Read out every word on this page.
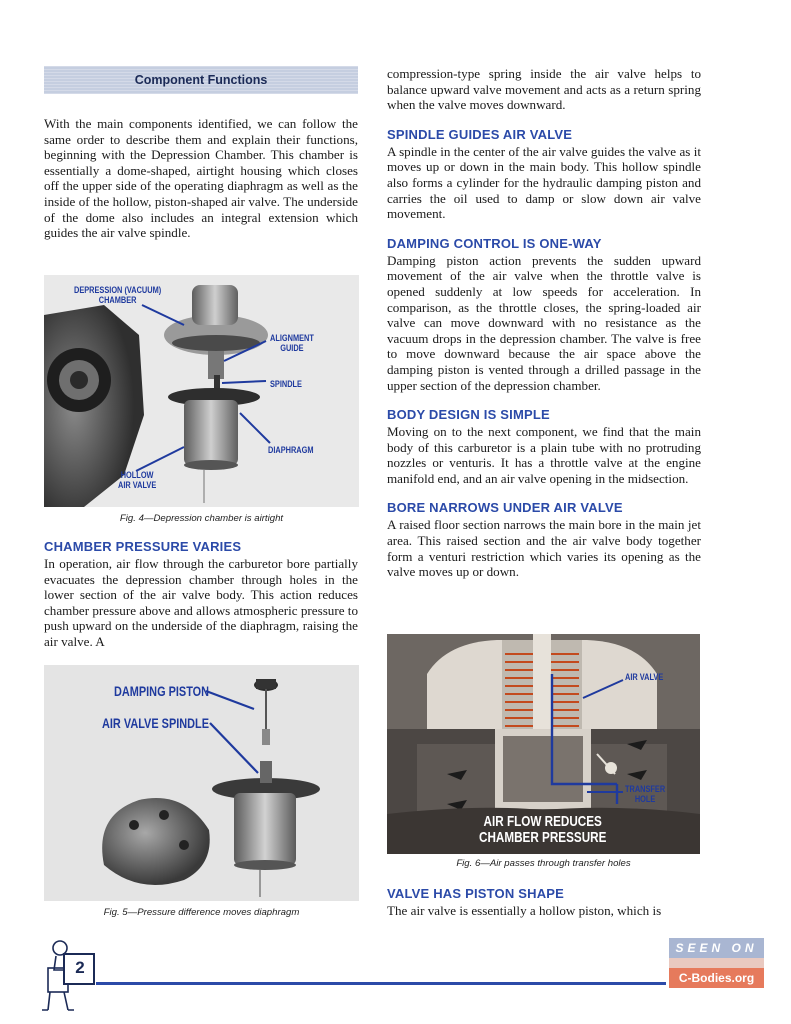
Component Functions

With the main components identified, we can follow the same order to describe them and explain their functions, beginning with the Depression Chamber. This chamber is essentially a dome-shaped, airtight housing which closes off the upper side of the operating diaphragm as well as the inside of the hollow, piston-shaped air valve. The underside of the dome also includes an integral extension which guides the air valve spindle.

DEPRESSION (VACUUM)
CHAMBER
ALIGNMENT
GUIDE
SPINDLE
DIAPHRAGM
HOLLOW
AIR VALVE
Fig. 4—Depression chamber is airtight
CHAMBER PRESSURE VARIES

In operation, air flow through the carburetor bore partially evacuates the depression chamber through holes in the lower section of the air valve body. This action reduces chamber pressure above and allows atmospheric pressure to push upward on the underside of the diaphragm, raising the air valve. A

DAMPING PISTON
AIR VALVE SPINDLE
Fig. 5—Pressure difference moves diaphragm

compression-type spring inside the air valve helps to balance upward valve movement and acts as a return spring when the valve moves downward.

SPINDLE GUIDES AIR VALVE

A spindle in the center of the air valve guides the valve as it moves up or down in the main body. This hollow spindle also forms a cylinder for the hydraulic damping piston and carries the oil used to damp or slow down air valve movement.

DAMPING CONTROL IS ONE-WAY

Damping piston action prevents the sudden upward movement of the air valve when the throttle valve is opened suddenly at low speeds for acceleration. In comparison, as the throttle closes, the spring-loaded air valve can move downward with no resistance as the vacuum drops in the depression chamber. The valve is free to move downward because the air space above the damping piston is vented through a drilled passage in the upper section of the depression chamber.

BODY DESIGN IS SIMPLE

Moving on to the next component, we find that the main body of this carburetor is a plain tube with no protruding nozzles or venturis. It has a throttle valve at the engine manifold end, and an air valve opening in the midsection.

BORE NARROWS UNDER AIR VALVE

A raised floor section narrows the main bore in the main jet area. This raised section and the air valve body together form a venturi restriction which varies its opening as the valve moves up or down.

AIR VALVE
TRANSFER
HOLE
AIR FLOW REDUCES
CHAMBER PRESSURE
Fig. 6—Air passes through transfer holes
VALVE HAS PISTON SHAPE

The air valve is essentially a hollow piston, which is

2
SEEN ON
C-Bodies.org
